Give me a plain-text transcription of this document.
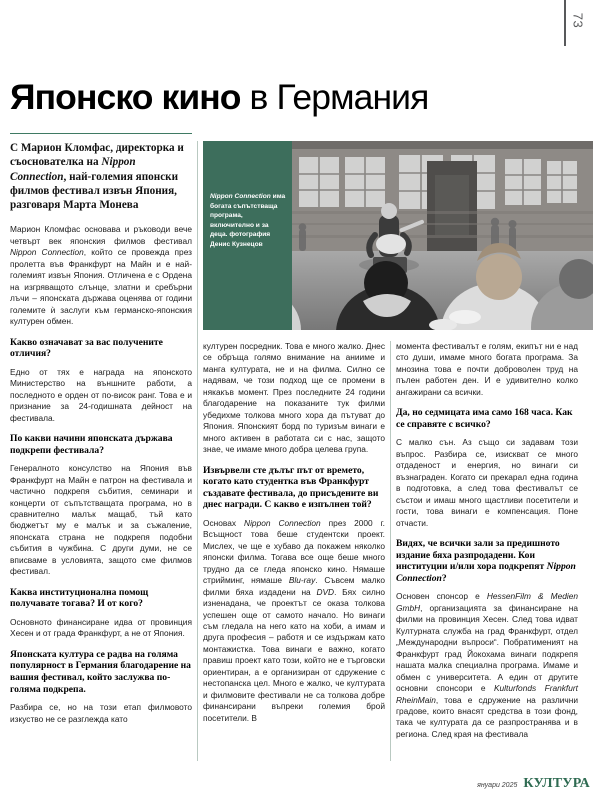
73
Японско кино в Германия
Nippon Connection има богата съпътстваща програма, включително и за деца. фотография Денис Кузнецов

С Марион Кломфас, директорка и съоснователка на Nippon Connection, най-големия японски филмов фестивал извън Япония, разговаря Марта Монева

Марион Кломфас основава и ръководи вече четвърт век японския филмов фестивал Nippon Connection, който се провежда през пролетта във Франкфурт на Майн и е най-големият извън Япония. Отличена е с Ордена на изгряващото слънце, златни и сребърни лъчи – японската държава оценява от години големите ѝ заслуги към германско-японския културен обмен.

Какво означават за вас получените отличия?

Едно от тях е награда на японското Министерство на външните работи, а последното е орден от по-висок ранг. Това е и признание за 24-годишната дейност на фестивала.

По какви начини японската държава подкрепи фестивала?

Генералното консулство на Япония във Франкфурт на Майн е патрон на фестивала и частично подкрепя събития, семинари и концерти от съпътстващата програма, но в сравнително малък мащаб, тъй като бюджетът му е малък и за съжаление, японската страна не подкрепя подобни събития в чужбина. С други думи, не се вписваме в условията, защото сме филмов фестивал.

Каква институционална помощ получавате тогава? И от кого?

Основното финансиране идва от провинция Хесен и от града Франкфурт, а не от Япония.

Японската култура се радва на голяма популярност в Германия благодарение на вашия фестивал, който заслужва по-голяма подкрепа.

Разбира се, но на този етап филмовото изкуство не се разглежда като

културен посредник. Това е много жалко. Днес се обръща голямо внимание на анииме и манга културата, не и на филма. Силно се надявам, че този подход ще се промени в някакъв момент. През последните 24 години благодарение на показаните тук филми убедихме толкова много хора да пътуват до Япония. Японският борд по туризъм винаги е много активен в работата си с нас, защото знае, че имаме много добра целева група.

Извървели сте дълъг път от времето, когато като студентка във Франкфурт създавате фестивала, до присъдените ви днес награди. С какво е изпълнен той?

Основах Nippon Connection през 2000 г. Всъщност това беше студентски проект. Мислех, че ще е хубаво да покажем няколко японски филма. Тогава все още беше много трудно да се гледа японско кино. Нямаше стрийминг, нямаше Blu-ray. Съвсем малко филми бяха издадени на DVD. Бях силно изненадана, че проектът се оказа толкова успешен още от самото начало. Но винаги съм гледала на него като на хоби, а имам и друга професия – работя и се издържам като монтажистка. Това винаги е важно, когато правиш проект като този, който не е търговски ориентиран, а е организиран от сдружение с нестопанска цел. Много е жалко, че културата и филмовите фестивали не са толкова добре финансирани въпреки големия брой посетители. В

момента фестивалът е голям, екипът ни е над сто души, имаме много богата програма. За мнозина това е почти доброволен труд на пълен работен ден. И е удивително колко ангажирани са всички.

Да, но седмицата има само 168 часа. Как се справяте с всичко?

С малко сън. Аз също си задавам този въпрос. Разбира се, изискват се много отдаденост и енергия, но винаги си възнаграден. Когато си прекарал една година в подготовка, а след това фестивалът се състои и имаш много щастливи посетители и гости, това винаги е компенсация. Поне отчасти.

Видях, че всички зали за предишното издание бяха разпродадени. Кои институции и/или хора подкрепят Nippon Connection?

Основен спонсор е HessenFilm & Medien GmbH, организацията за финансиране на филми на провинция Хесен. След това идват Културната служба на град Франкфурт, отдел „Международни въпроси“. Побратименият на Франкфурт град Йокохама винаги подкрепя нашата малка специална програма. Имаме и обмен с университета. А един от другите основни спонсори е Kulturfonds Frankfurt RheinMain, това е сдружение на различни градове, които внасят средства в този фонд, така че културата да се разпространява и в региона. След края на фестивала

януари 2025 КУЛТУРА
